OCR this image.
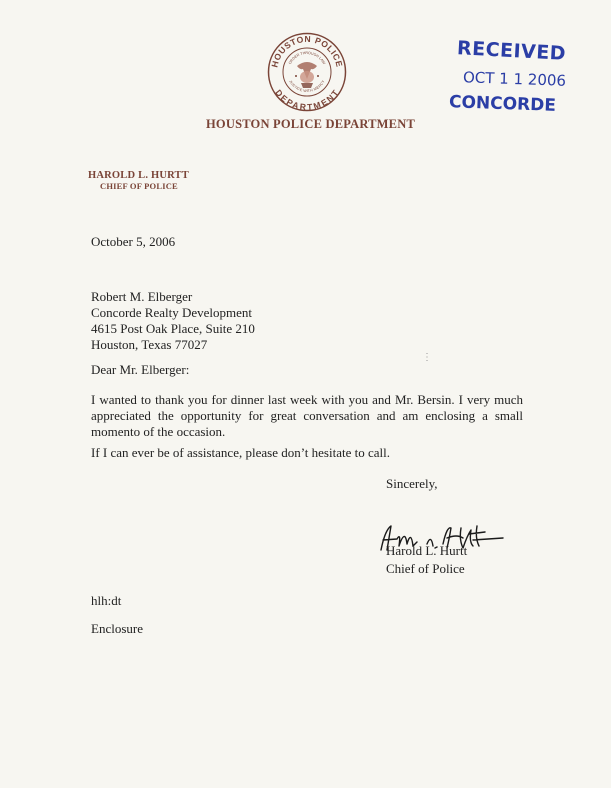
HOUSTON POLICE
DEPARTMENT
ORDER THROUGH LAW
JUSTICE WITH MERCY
HOUSTON POLICE DEPARTMENT
RECEIVED
OCT 1 1 2006
CONCORDE
HAROLD L. HURTT
CHIEF OF POLICE
October 5, 2006
Robert M. Elberger
Concorde Realty Development
4615 Post Oak Place, Suite 210
Houston, Texas 77027
⋮
Dear Mr. Elberger:
I wanted to thank you for dinner last week with you and Mr. Bersin. I very much appreciated the opportunity for great conversation and am enclosing a small momento of the occasion.
If I can ever be of assistance, please don’t hesitate to call.
Sincerely,
Harold L. Hurtt
Chief of Police
hlh:dt
Enclosure
